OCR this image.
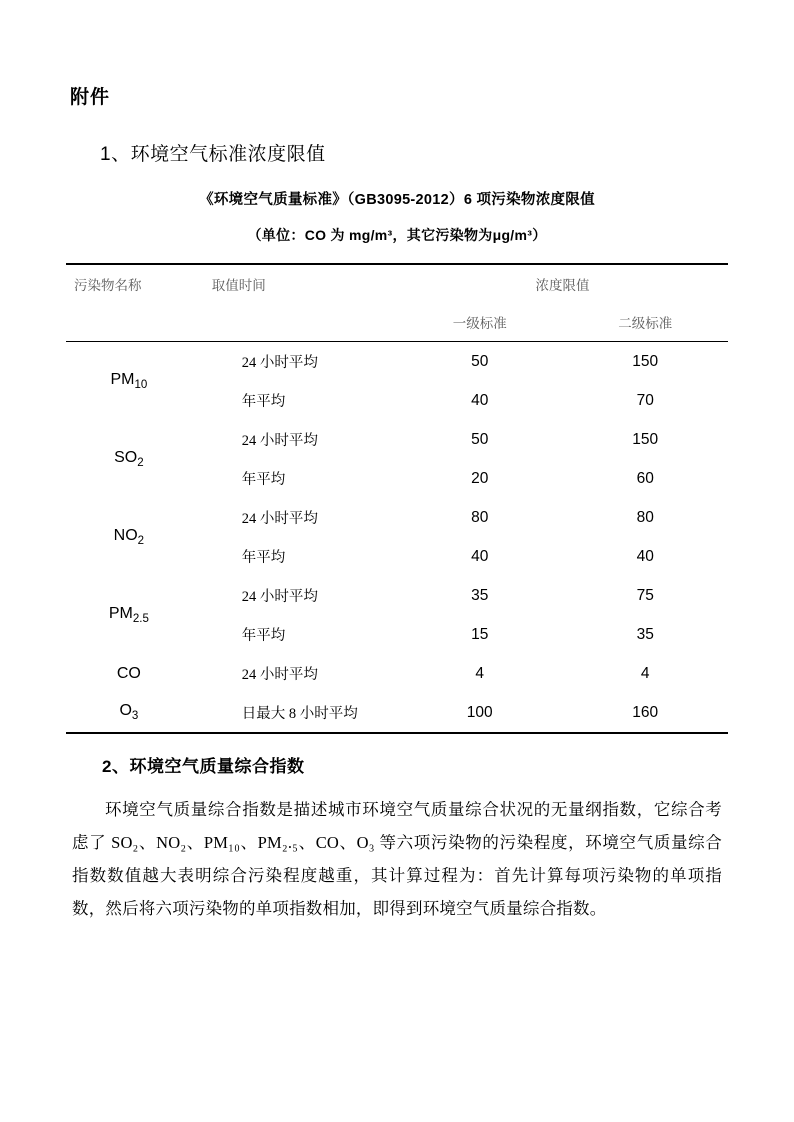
附件
1、环境空气标准浓度限值
《环境空气质量标准》（GB3095-2012）6 项污染物浓度限值
（单位：CO 为 mg/m³，其它污染物为μg/m³）
污染物名称	取值时间	浓度限值	
		一级标准	二级标准
$PM_{10}$	24 小时平均	50	150
	年平均	40	70
$SO_2$	24 小时平均	50	150
	年平均	20	60
$NO_2$	24 小时平均	80	80
	年平均	40	40
$PM_{2.5}$	24 小时平均	35	75
	年平均	15	35
CO	24 小时平均	4	4
$O_3$	日最大 8 小时平均	100	160
2、环境空气质量综合指数

环境空气质量综合指数是描述城市环境空气质量综合状况的无量纲指数，它综合考虑了 SO₂、NO₂、PM₁₀、PM₂.₅、CO、O₃ 等六项污染物的污染程度，环境空气质量综合指数数值越大表明综合污染程度越重，其计算过程为：首先计算每项污染物的单项指数，然后将六项污染物的单项指数相加，即得到环境空气质量综合指数。
